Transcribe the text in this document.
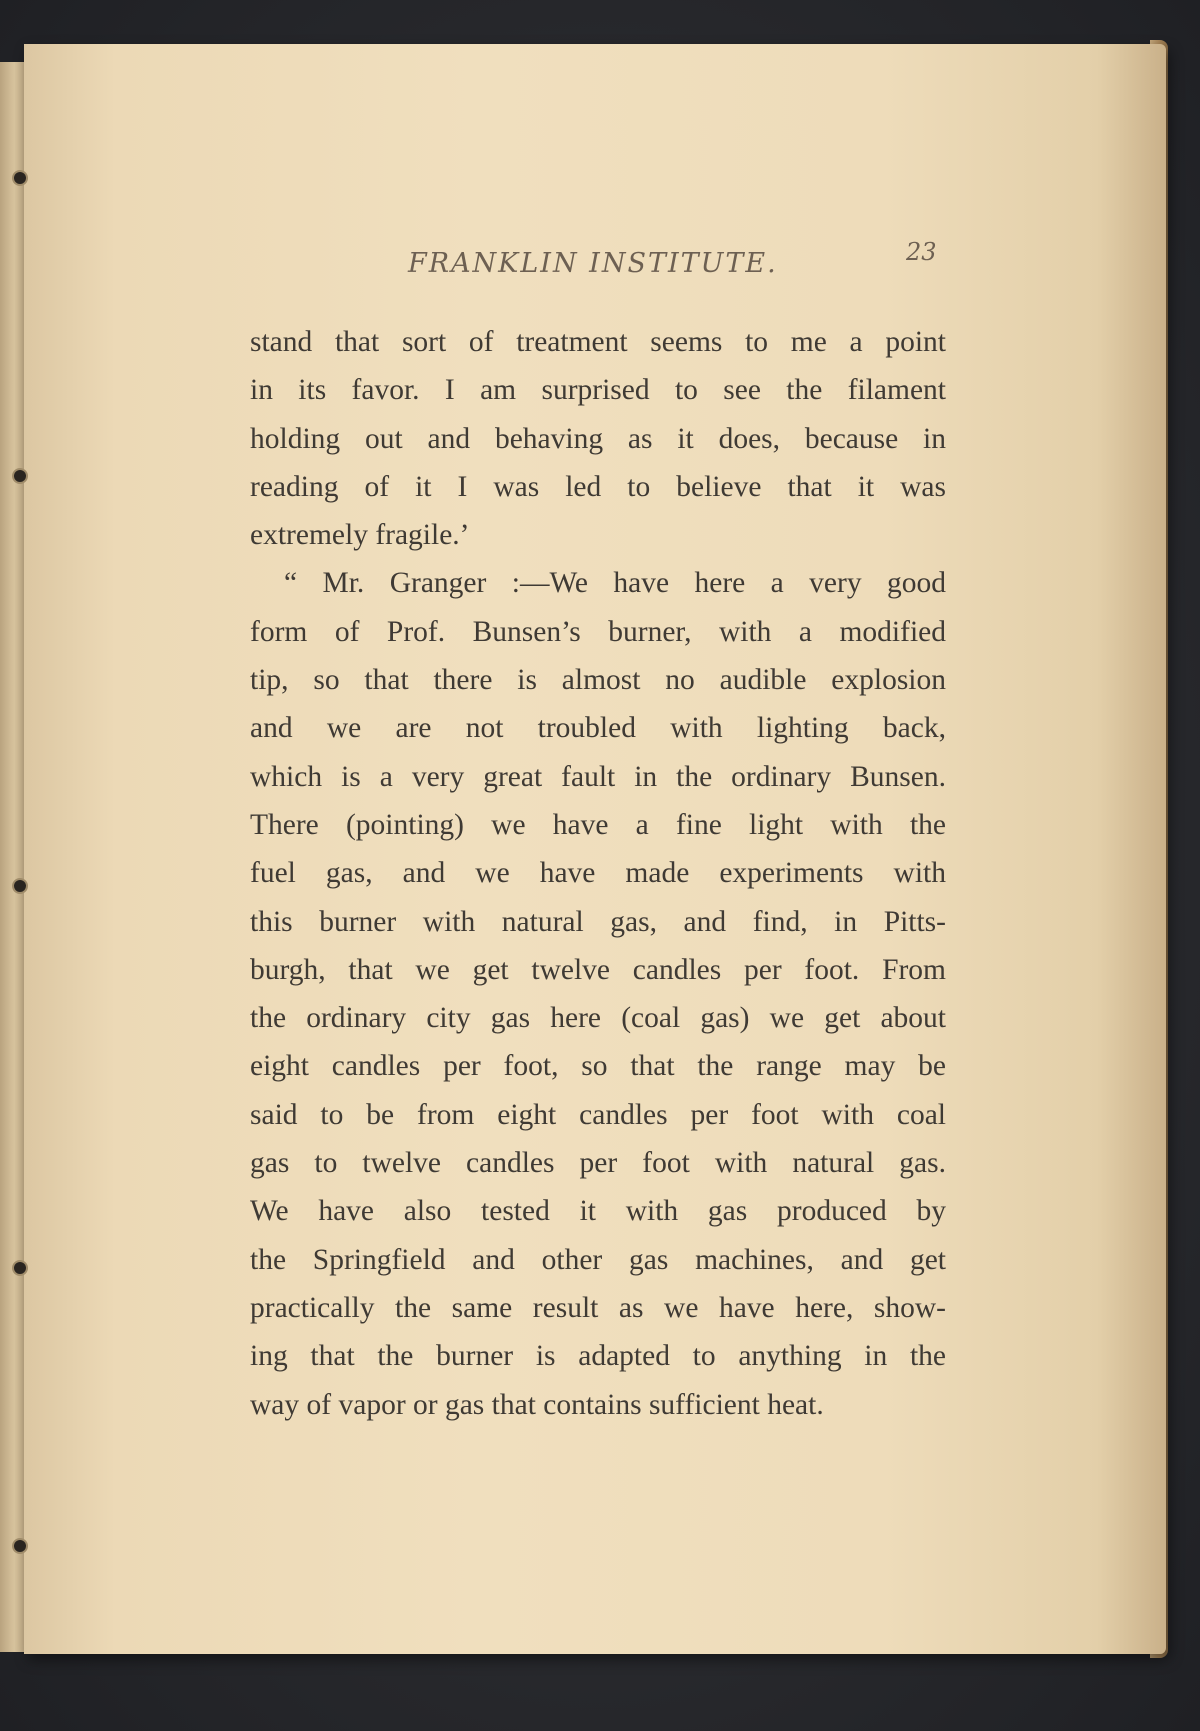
FRANKLIN INSTITUTE.	23
stand that sort of treatment seems to me a point
in its favor. I am surprised to see the filament
holding out and behaving as it does, because in
reading of it I was led to believe that it was
extremely fragile.’
“ Mr. Granger :—We have here a very good
form of Prof. Bunsen’s burner, with a modified
tip, so that there is almost no audible explosion
and we are not troubled with lighting back,
which is a very great fault in the ordinary Bunsen.
There (pointing) we have a fine light with the
fuel gas, and we have made experiments with
this burner with natural gas, and find, in Pitts-
burgh, that we get twelve candles per foot. From
the ordinary city gas here (coal gas) we get about
eight candles per foot, so that the range may be
said to be from eight candles per foot with coal
gas to twelve candles per foot with natural gas.
We have also tested it with gas produced by
the Springfield and other gas machines, and get
practically the same result as we have here, show-
ing that the burner is adapted to anything in the
way of vapor or gas that contains sufficient heat.
